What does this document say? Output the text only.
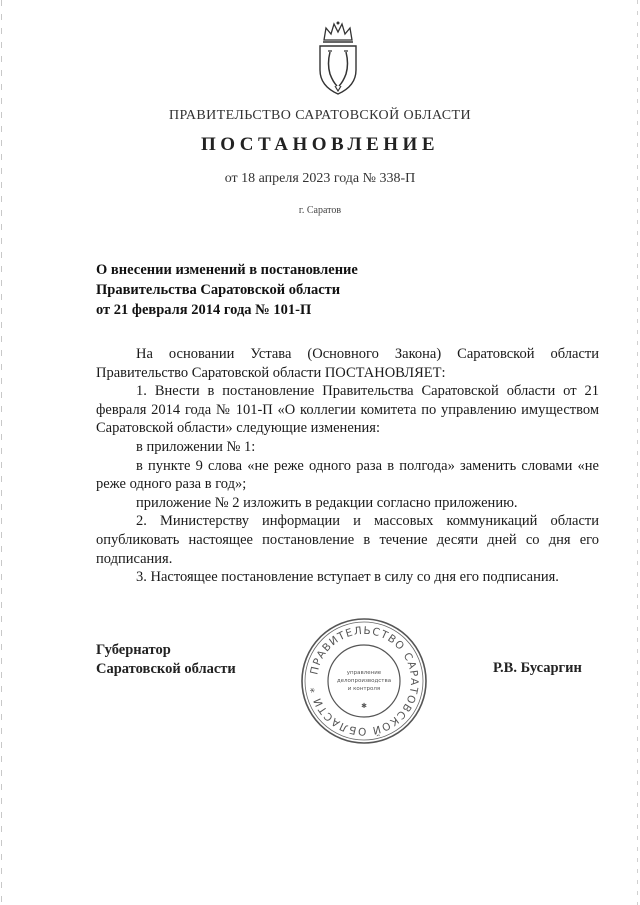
ПРАВИТЕЛЬСТВО САРАТОВСКОЙ ОБЛАСТИ
ПОСТАНОВЛЕНИЕ
от 18 апреля 2023 года № 338-П
г. Саратов
О внесении изменений в постановление
Правительства Саратовской области
от 21 февраля 2014 года № 101-П

На основании Устава (Основного Закона) Саратовской области Правительство Саратовской области ПОСТАНОВЛЯЕТ:

1. Внести в постановление Правительства Саратовской области от 21 февраля 2014 года № 101-П «О коллегии комитета по управлению имуществом Саратовской области» следующие изменения:

в приложении № 1:

в пункте 9 слова «не реже одного раза в полгода» заменить словами «не реже одного раза в год»;

приложение № 2 изложить в редакции согласно приложению.

2. Министерству информации и массовых коммуникаций области опубликовать настоящее постановление в течение десяти дней со дня его подписания.

3. Настоящее постановление вступает в силу со дня его подписания.

Губернатор
Саратовской области	Р.В. Бусаргин
ПРАВИТЕЛЬСТВО САРАТОВСКОЙ ОБЛАСТИ *
управление
делопроизводства
и контроля
✱
